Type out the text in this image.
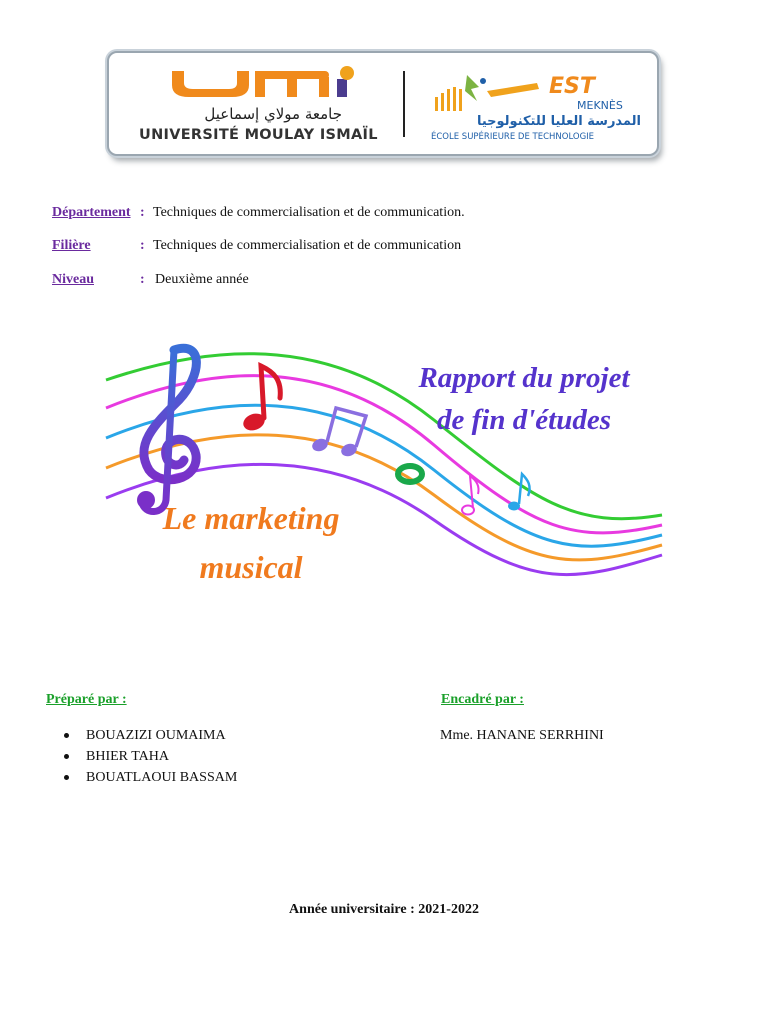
جامعة مولاي إسماعيل
UNIVERSITÉ MOULAY ISMAÏL
EST
MEKNÈS
المدرسة العليا للتكنولوجيا
ÉCOLE SUPÉRIEURE DE TECHNOLOGIE
Département : Techniques de commercialisation et de communication.
Filière	: Techniques de commercialisation et de communication
Niveau	: Deuxième année
Rapport du projet
de fin d'études
Le marketing
musical
Préparé par :	Encadré par :
BOUAZIZI OUMAIMA
BHIER TAHA
BOUATLAOUI BASSAM
Mme. HANANE SERRHINI
Année universitaire : 2021-2022
